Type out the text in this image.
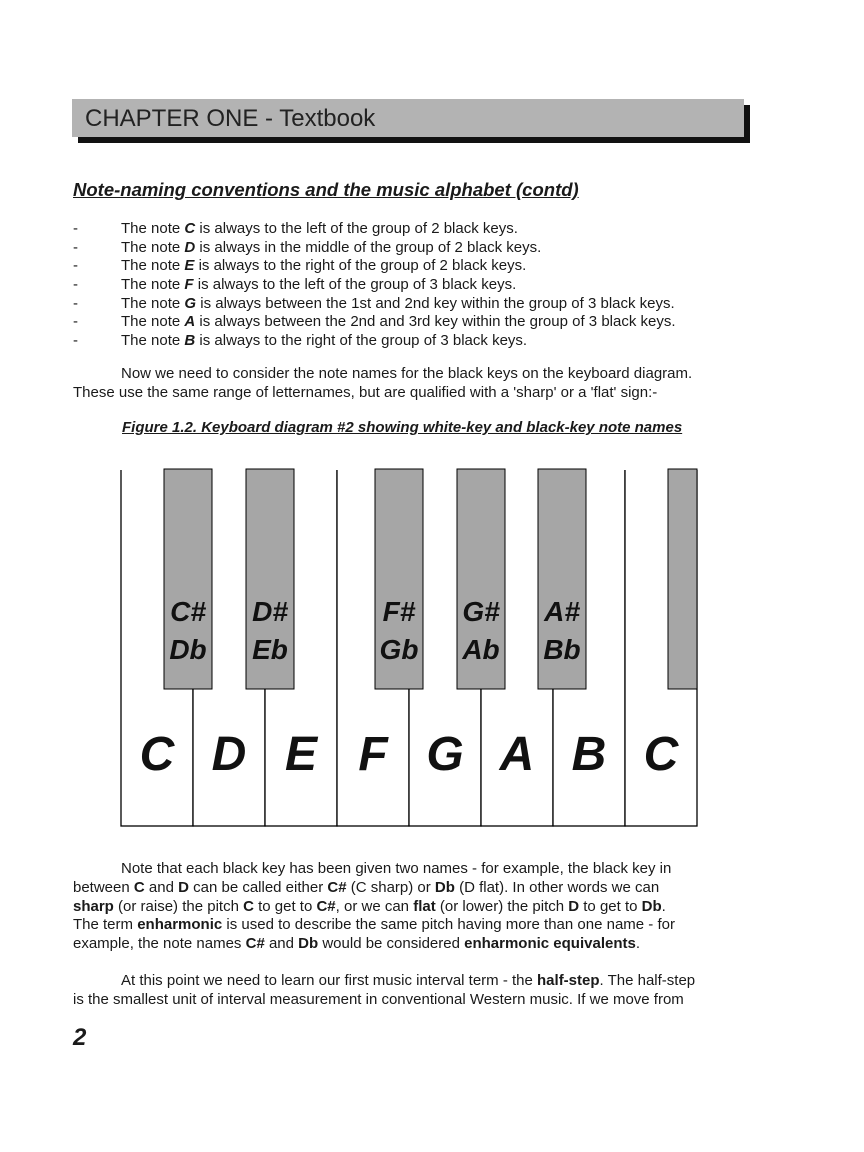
CHAPTER ONE - Textbook
Note-naming conventions and the music alphabet (contd)
-	The note C is always to the left of the group of 2 black keys.
-	The note D is always in the middle of the group of 2 black keys.
-	The note E is always to the right of the group of 2 black keys.
-	The note F is always to the left of the group of 3 black keys.
-	The note G is always between the 1st and 2nd key within the group of 3 black keys.
-	The note A is always between the 2nd and 3rd key within the group of 3 black keys.
-	The note B is always to the right of the group of 3 black keys.

Now we need to consider the note names for the black keys on the keyboard diagram.
These use the same range of letternames, but are qualified with a 'sharp' or a 'flat' sign:-

Figure 1.2. Keyboard diagram #2 showing white-key and black-key note names
C D E F G A B C
C#
Db
D#
Eb
F#
Gb
G#
Ab
A#
Bb

Note that each black key has been given two names - for example, the black key in
between C and D can be called either C# (C sharp) or Db (D flat). In other words we can
sharp (or raise) the pitch C to get to C#, or we can flat (or lower) the pitch D to get to Db.
The term enharmonic is used to describe the same pitch having more than one name - for
example, the note names C# and Db would be considered enharmonic equivalents.

At this point we need to learn our first music interval term - the half-step. The half-step
is the smallest unit of interval measurement in conventional Western music. If we move from

2
